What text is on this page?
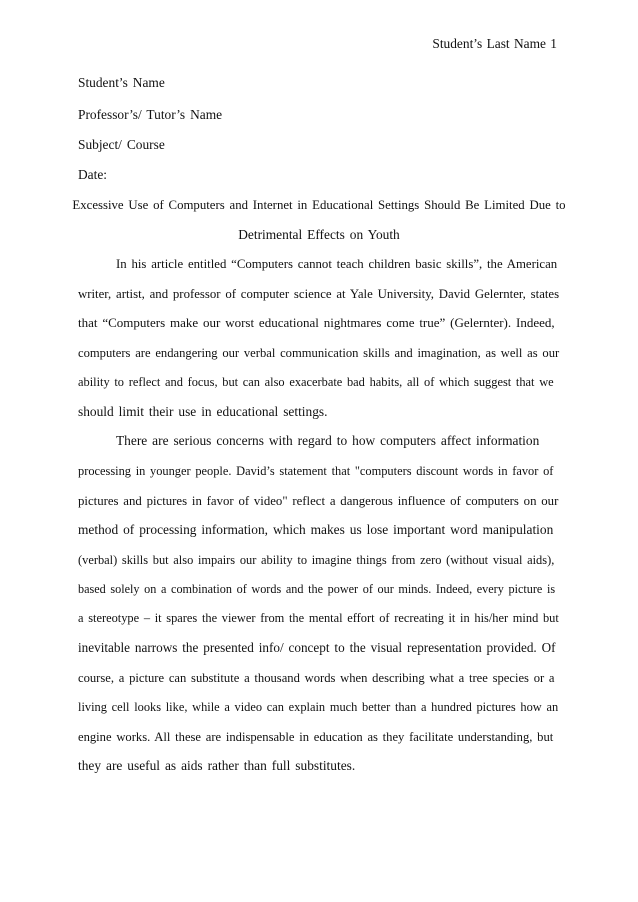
Student’s Last Name 1
Student’s Name
Professor’s/ Tutor’s Name
Subject/ Course
Date:
Excessive Use of Computers and Internet in Educational Settings Should Be Limited Due to
Detrimental Effects on Youth
In his article entitled “Computers cannot teach children basic skills”, the American
writer, artist, and professor of computer science at Yale University, David Gelernter, states
that “Computers make our worst educational nightmares come true” (Gelernter). Indeed,
computers are endangering our verbal communication skills and imagination, as well as our
ability to reflect and focus, but can also exacerbate bad habits, all of which suggest that we
should limit their use in educational settings.
There are serious concerns with regard to how computers affect information
processing in younger people. David’s statement that "computers discount words in favor of
pictures and pictures in favor of video" reflect a dangerous influence of computers on our
method of processing information, which makes us lose important word manipulation
(verbal) skills but also impairs our ability to imagine things from zero (without visual aids),
based solely on a combination of words and the power of our minds. Indeed, every picture is
a stereotype – it spares the viewer from the mental effort of recreating it in his/her mind but
inevitable narrows the presented info/ concept to the visual representation provided. Of
course, a picture can substitute a thousand words when describing what a tree species or a
living cell looks like, while a video can explain much better than a hundred pictures how an
engine works. All these are indispensable in education as they facilitate understanding, but
they are useful as aids rather than full substitutes.
